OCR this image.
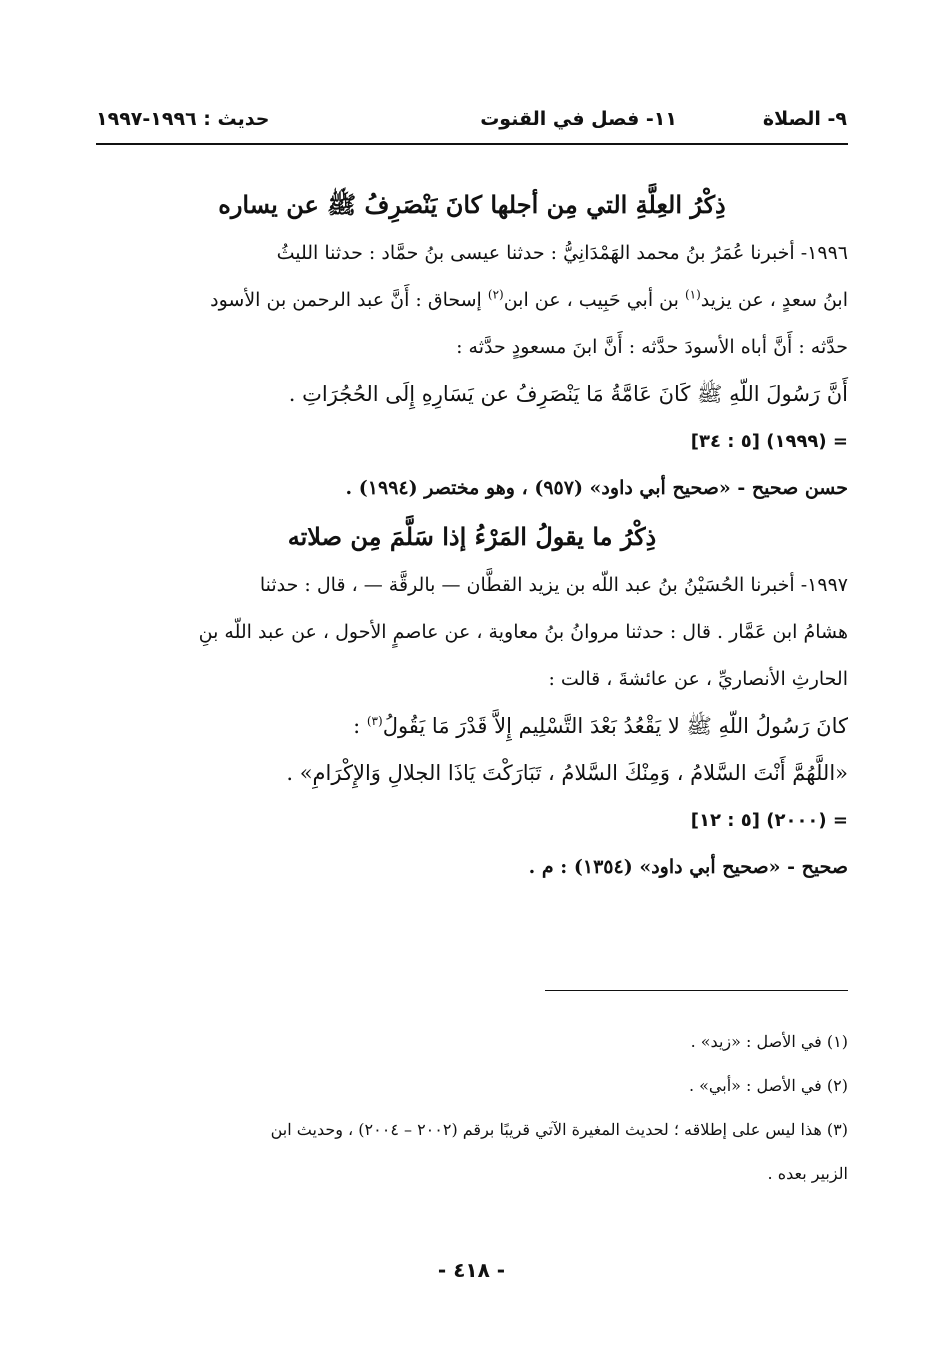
٩- الصلاة
١١- فصل في القنوت
حديث : ١٩٩٦-١٩٩٧

ذِكْرُ العِلَّةِ التي مِن أجلها كانَ يَنْصَرِفُ ﷺ عن يساره

١٩٩٦- أخبرنا عُمَرُ بنُ محمد الهَمْدَانِيُّ : حدثنا عيسى بنُ حمَّاد : حدثنا الليثُ
ابنُ سعدٍ ، عن يزيد$^{(١)}$ بن أبي حَبِيب ، عن ابن$^{(٢)}$ إسحاق : أَنَّ عبد الرحمن بن الأسود
حدَّثه : أَنَّ أباه الأسودَ حدَّثه : أَنَّ ابنَ مسعودٍ حدَّثه :

أَنَّ رَسُولَ اللّهِ ﷺ كَانَ عَامَّةُ مَا يَنْصَرِفُ عن يَسَارِهِ إِلَى الحُجُرَاتِ .

= (١٩٩٩) [٥ : ٣٤]

حسن صحيح - «صحيح أبي داود» (٩٥٧) ، وهو مختصر (١٩٩٤) .

ذِكْرُ ما يقولُ المَرْءُ إذا سَلَّمَ مِن صلاته

١٩٩٧- أخبرنا الحُسَيْنُ بنُ عبد اللّه بن يزيد القطَّان — بالرقَّة — ، قال : حدثنا
هشامُ ابن عَمَّار . قال : حدثنا مروانُ بنُ معاوية ، عن عاصمٍ الأحول ، عن عبد اللّه بنِ
الحارثِ الأنصاريِّ ، عن عائشةَ ، قالت :

كانَ رَسُولُ اللّهِ ﷺ لا يَقْعُدُ بَعْدَ التَّسْلِيم إِلاَّ قَدْرَ مَا يَقُولُ$^{(٣)}$ :
«اللَّهُمَّ أَنْتَ السَّلامُ ، وَمِنْكَ السَّلامُ ، تَبَارَكْتَ يَاذَا الجلالِ وَالإِكْرَامِ» .

= (٢٠٠٠) [٥ : ١٢]

صحيح - «صحيح أبي داود» (١٣٥٤) : م .

(١) في الأصل : «زيد» .

(٢) في الأصل : «أبي» .

(٣) هذا ليس على إطلاقه ؛ لحديث المغيرة الآتي قريبًا برقم (٢٠٠٢ – ٢٠٠٤) ، وحديث ابن

الزبير بعده .

- ٤١٨ -
